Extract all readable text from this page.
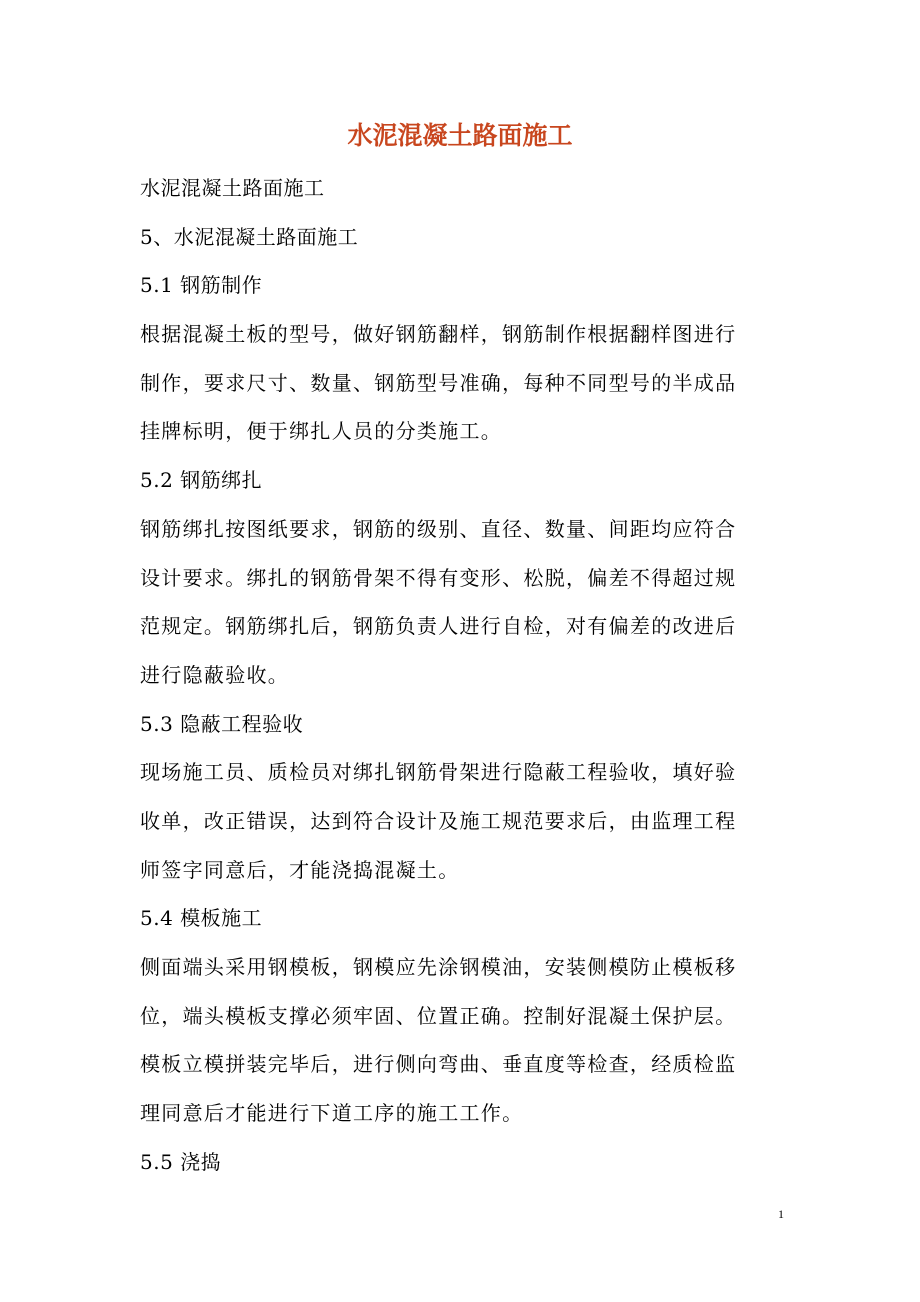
水泥混凝土路面施工
水泥混凝土路面施工
5、水泥混凝土路面施工
5.1 钢筋制作
根据混凝土板的型号，做好钢筋翻样，钢筋制作根据翻样图进行
制作，要求尺寸、数量、钢筋型号准确，每种不同型号的半成品
挂牌标明，便于绑扎人员的分类施工。
5.2 钢筋绑扎
钢筋绑扎按图纸要求，钢筋的级别、直径、数量、间距均应符合
设计要求。绑扎的钢筋骨架不得有变形、松脱，偏差不得超过规
范规定。钢筋绑扎后，钢筋负责人进行自检，对有偏差的改进后
进行隐蔽验收。
5.3 隐蔽工程验收
现场施工员、质检员对绑扎钢筋骨架进行隐蔽工程验收，填好验
收单，改正错误，达到符合设计及施工规范要求后，由监理工程
师签字同意后，才能浇捣混凝土。
5.4 模板施工
侧面端头采用钢模板，钢模应先涂钢模油，安装侧模防止模板移
位，端头模板支撑必须牢固、位置正确。控制好混凝土保护层。
模板立模拼装完毕后，进行侧向弯曲、垂直度等检查，经质检监
理同意后才能进行下道工序的施工工作。
5.5 浇捣
1
